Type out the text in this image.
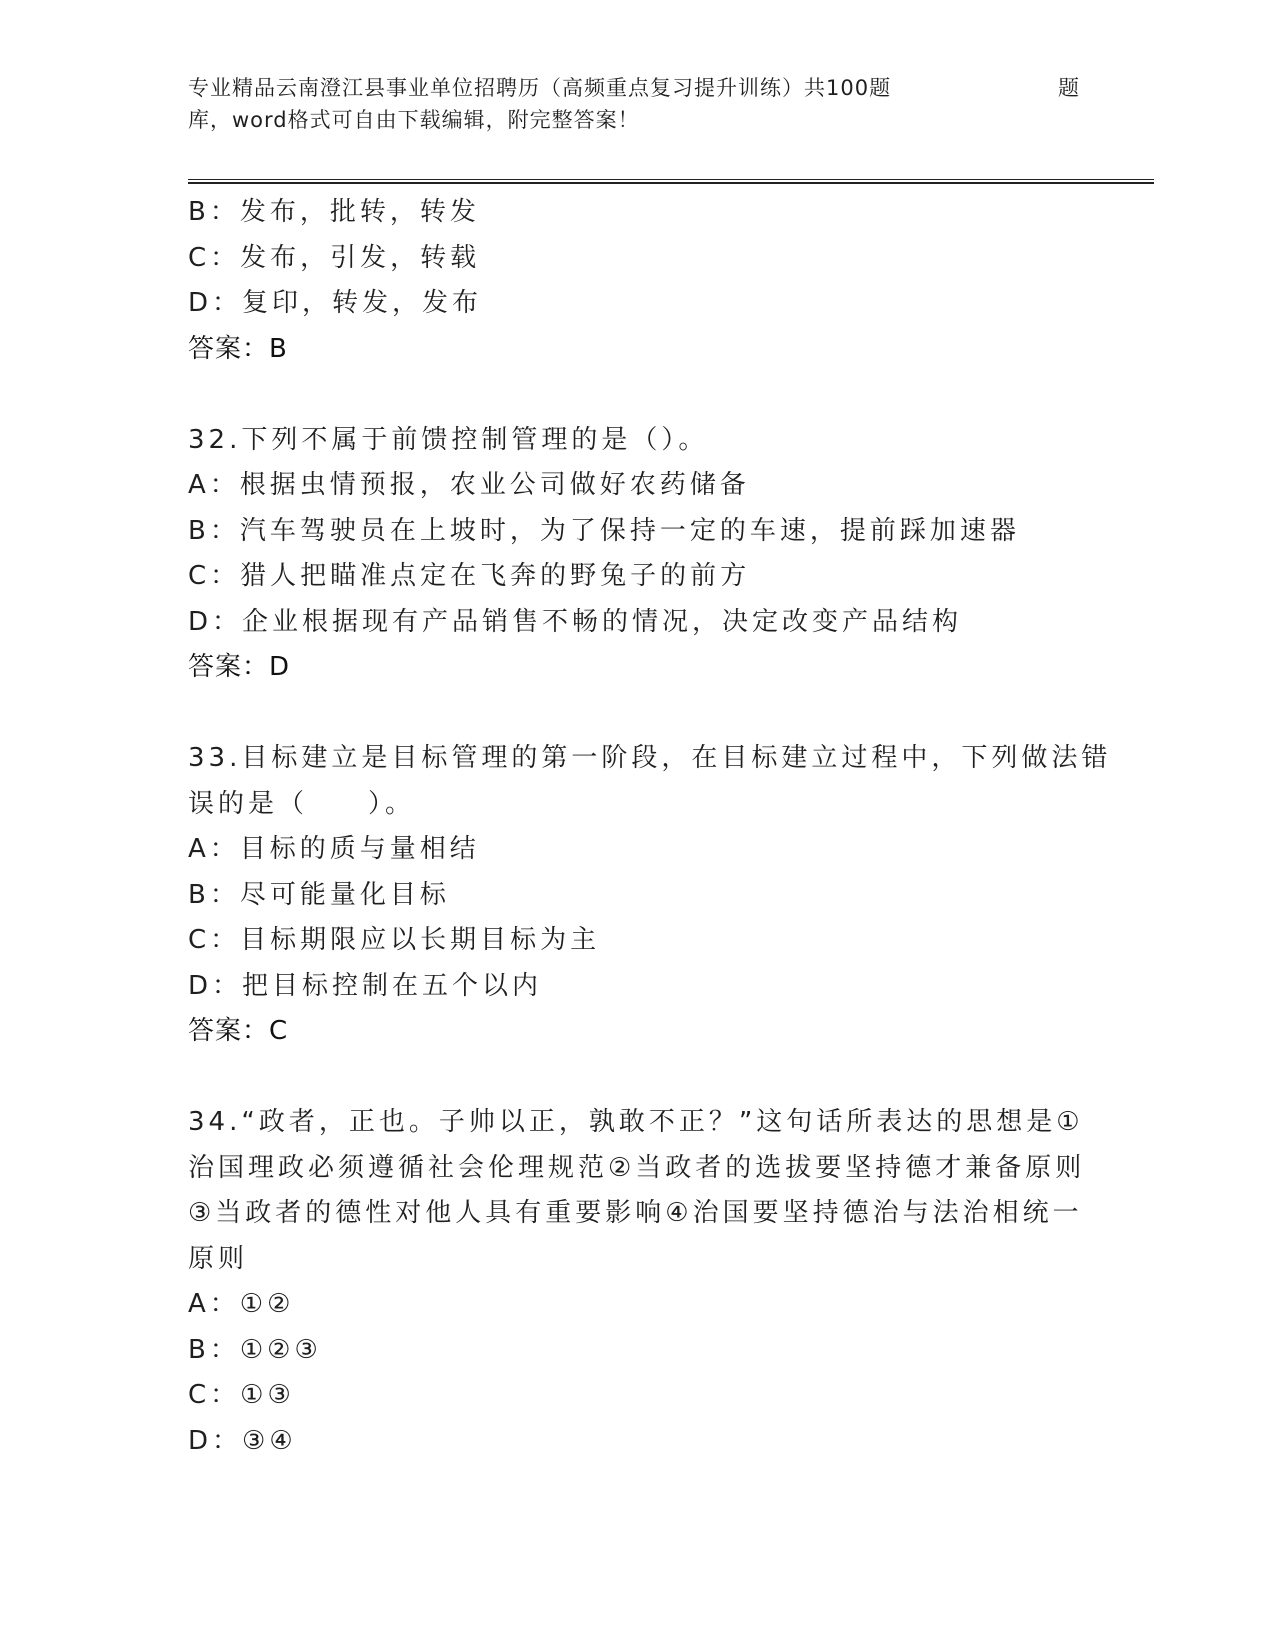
专业精品云南澄江县事业单位招聘历（高频重点复习提升训练）共100题
库，word格式可自由下载编辑，附完整答案！
题
B：发布，批转，转发
C：发布，引发，转载
D：复印，转发，发布
答案：B
32.下列不属于前馈控制管理的是（）。
A：根据虫情预报，农业公司做好农药储备
B：汽车驾驶员在上坡时，为了保持一定的车速，提前踩加速器
C：猎人把瞄准点定在飞奔的野兔子的前方
D：企业根据现有产品销售不畅的情况，决定改变产品结构
答案：D
33.目标建立是目标管理的第一阶段，在目标建立过程中，下列做法错
误的是（　　）。
A：目标的质与量相结
B：尽可能量化目标
C：目标期限应以长期目标为主
D：把目标控制在五个以内
答案：C
34.“政者，正也。子帅以正，孰敢不正？”这句话所表达的思想是①
治国理政必须遵循社会伦理规范②当政者的选拔要坚持德才兼备原则
③当政者的德性对他人具有重要影响④治国要坚持德治与法治相统一
原则
A：①②
B：①②③
C：①③
D：③④
